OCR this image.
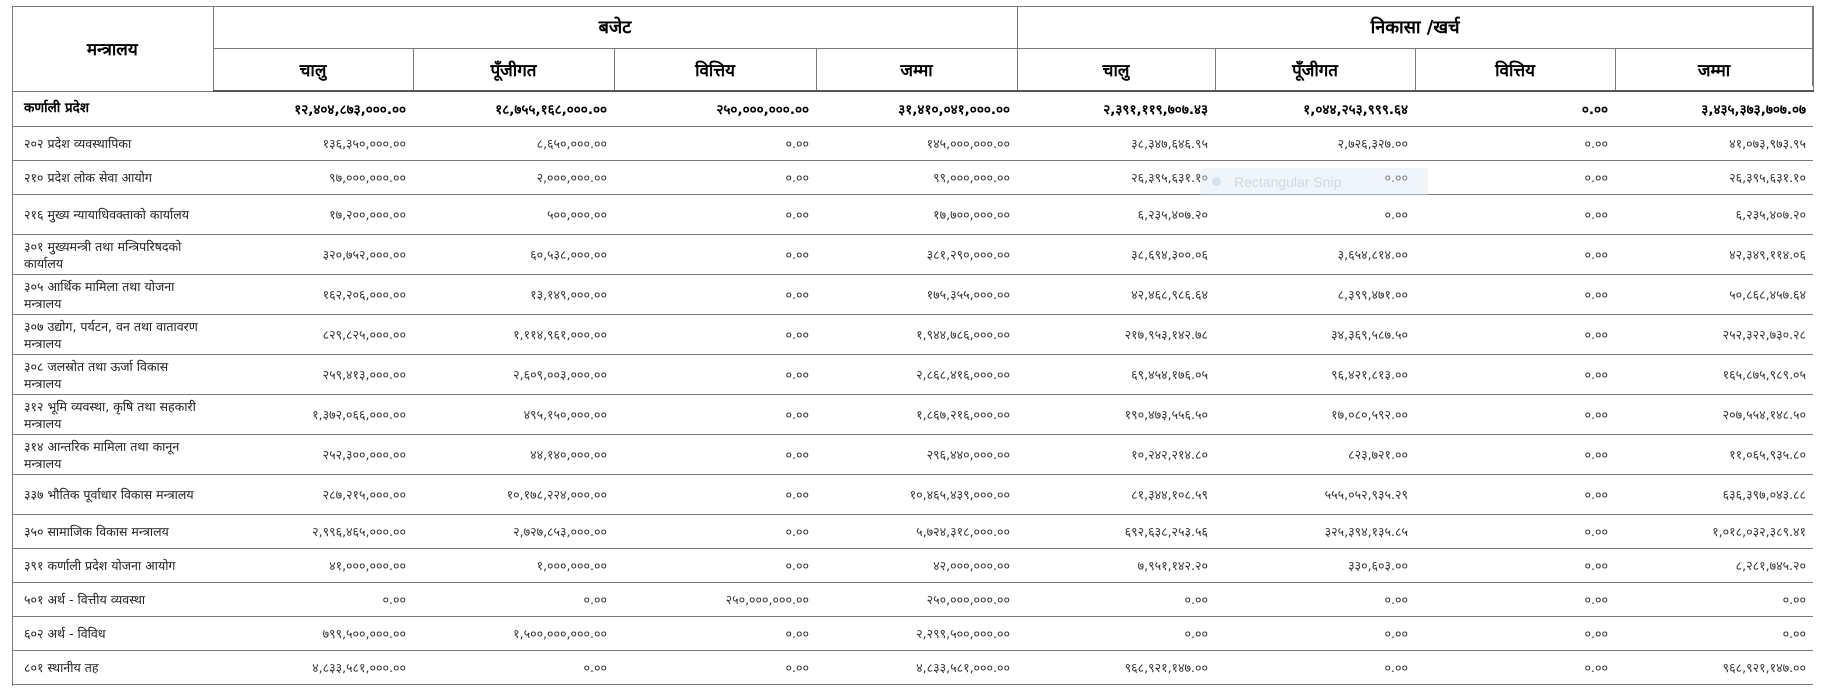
मन्त्रालय	बजेट				निकासा /खर्च			
	चालु	पूँजीगत	वित्तिय	जम्मा	चालु	पूँजीगत	वित्तिय	जम्मा
कर्णाली प्रदेश	१२,४०४,८७३,०००.००	१८,७५५,१६८,०००.००	२५०,०००,०००.००	३१,४१०,०४१,०००.००	२,३९१,११९,७०७.४३	१,०४४,२५३,९९९.६४	०.००	३,४३५,३७३,७०७.०७
२०२ प्रदेश व्यवस्थापिका	१३६,३५०,०००.००	८,६५०,०००.००	०.००	१४५,०००,०००.००	३८,३४७,६४६.९५	२,७२६,३२७.००	०.००	४१,०७३,९७३.९५
२१० प्रदेश लोक सेवा आयोग	९७,०००,०००.००	२,०००,०००.००	०.००	९९,०००,०००.००	२६,३९५,६३१.१०	०.००	०.००	२६,३९५,६३१.१०
२१६ मुख्य न्यायाधिवक्ताको कार्यालय	१७,२००,०००.००	५००,०००.००	०.००	१७,७००,०००.००	६,२३५,४०७.२०	०.००	०.००	६,२३५,४०७.२०
३०१ मुख्यमन्त्री तथा मन्त्रिपरिषदको कार्यालय	३२०,७५२,०००.००	६०,५३८,०००.००	०.००	३८१,२९०,०००.००	३८,६९४,३००.०६	३,६५४,८१४.००	०.००	४२,३४९,११४.०६
३०५ आर्थिक मामिला तथा योजना मन्त्रालय	१६२,२०६,०००.००	१३,१४९,०००.००	०.००	१७५,३५५,०००.००	४२,४६८,९८६.६४	८,३९९,४७१.००	०.००	५०,८६८,४५७.६४
३०७ उद्योग, पर्यटन, वन तथा वातावरण मन्त्रालय	८२९,८२५,०००.००	१,११४,९६१,०००.००	०.००	१,९४४,७८६,०००.००	२१७,९५३,१४२.७८	३४,३६९,५८७.५०	०.००	२५२,३२२,७३०.२८
३०८ जलस्रोत तथा ऊर्जा विकास मन्त्रालय	२५९,४१३,०००.००	२,६०९,००३,०००.००	०.००	२,८६८,४१६,०००.००	६९,४५४,१७६.०५	९६,४२१,८१३.००	०.००	१६५,८७५,९८९.०५
३१२ भूमि व्यवस्था, कृषि तथा सहकारी मन्त्रालय	१,३७२,०६६,०००.००	४९५,१५०,०००.००	०.००	१,८६७,२१६,०००.००	१९०,४७३,५५६.५०	१७,०८०,५९२.००	०.००	२०७,५५४,१४८.५०
३१४ आन्तरिक मामिला तथा कानून मन्त्रालय	२५२,३००,०००.००	४४,१४०,०००.००	०.००	२९६,४४०,०००.००	१०,२४२,२१४.८०	८२३,७२१.००	०.००	११,०६५,९३५.८०
३३७ भौतिक पूर्वाधार विकास मन्त्रालय	२८७,२१५,०००.००	१०,१७८,२२४,०००.००	०.००	१०,४६५,४३९,०००.००	८१,३४४,१०८.५९	५५५,०५२,९३५.२९	०.००	६३६,३९७,०४३.८८
३५० सामाजिक विकास मन्त्रालय	२,९९६,४६५,०००.००	२,७२७,८५३,०००.००	०.००	५,७२४,३१८,०००.००	६९२,६३८,२५३.५६	३२५,३९४,१३५.८५	०.००	१,०१८,०३२,३८९.४१
३९१ कर्णाली प्रदेश योजना आयोग	४१,०००,०००.००	१,०००,०००.००	०.००	४२,०००,०००.००	७,९५१,१४२.२०	३३०,६०३.००	०.००	८,२८१,७४५.२०
५०१ अर्थ - वित्तीय व्यवस्था	०.००	०.००	२५०,०००,०००.००	२५०,०००,०००.००	०.००	०.००	०.००	०.००
६०२ अर्थ - विविध	७९९,५००,०००.००	१,५००,०००,०००.००	०.००	२,२९९,५००,०००.००	०.००	०.००	०.००	०.००
८०१ स्थानीय तह	४,८३३,५८१,०००.००	०.००	०.००	४,८३३,५८१,०००.००	९६८,९२१,१४७.००	०.००	०.००	९६८,९२१,१४७.००
Rectangular Snip
